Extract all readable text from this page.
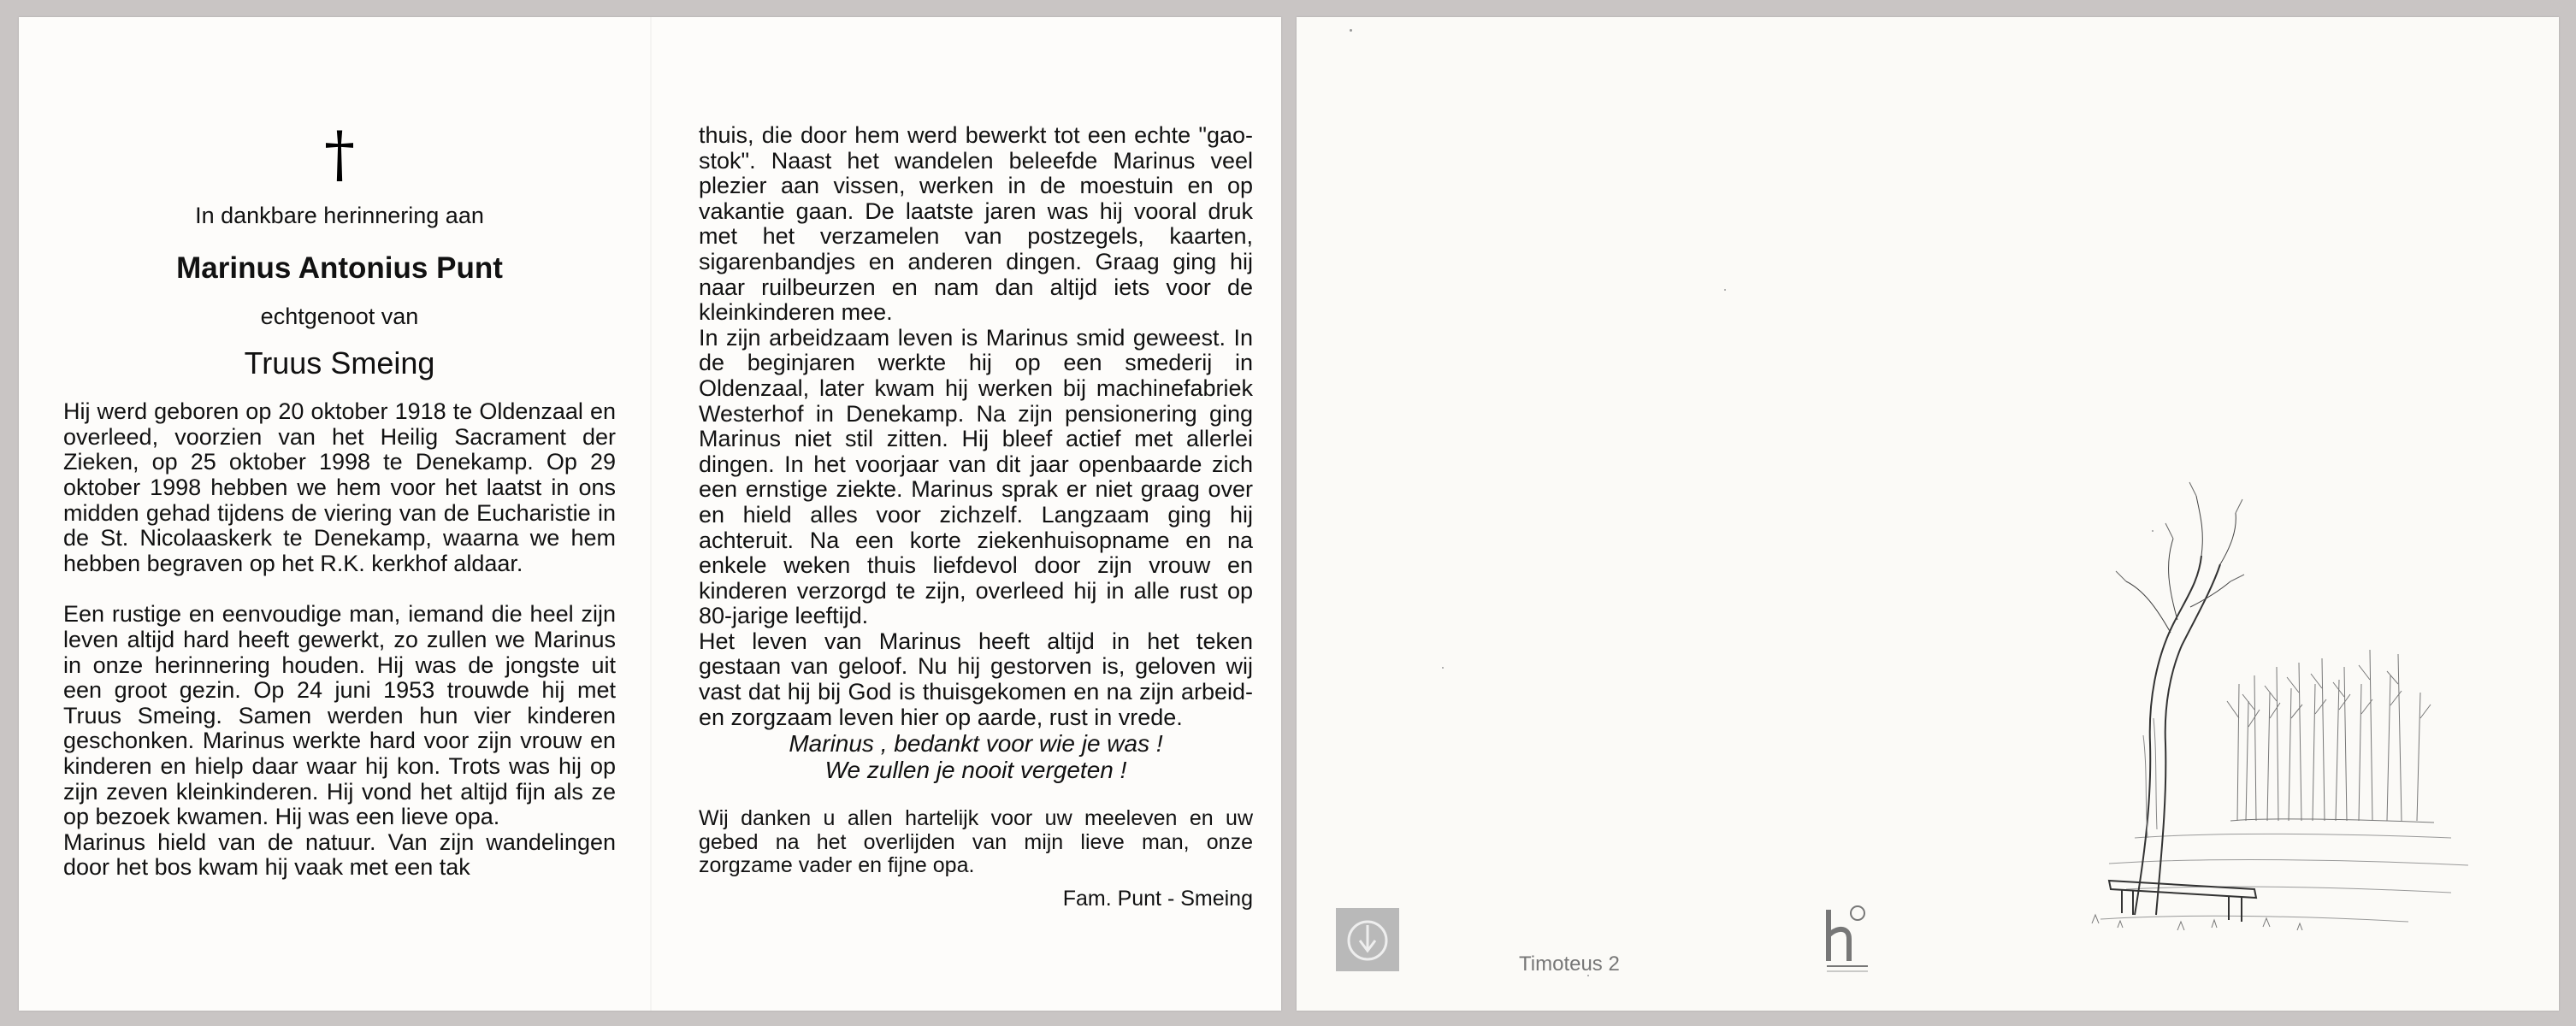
†
In dankbare herinnering aan
Marinus Antonius Punt
echtgenoot van
Truus Smeing

Hij werd geboren op 20 oktober 1918 te Oldenzaal en overleed, voorzien van het Heilig Sacrament der Zieken, op 25 oktober 1998 te Denekamp. Op 29 oktober 1998 hebben we hem voor het laatst in ons midden gehad tijdens de viering van de Eucharistie in de St. Nicolaaskerk te Denekamp, waarna we hem hebben begraven op het R.K. kerkhof aldaar.

Een rustige en eenvoudige man, iemand die heel zijn leven altijd hard heeft gewerkt, zo zullen we Marinus in onze herinnering houden. Hij was de jongste uit een groot gezin. Op 24 juni 1953 trouwde hij met Truus Smeing. Samen werden hun vier kinderen geschonken. Marinus werkte hard voor zijn vrouw en kinderen en hielp daar waar hij kon. Trots was hij op zijn zeven kleinkinderen. Hij vond het altijd fijn als ze op bezoek kwamen. Hij was een lieve opa.

Marinus hield van de natuur. Van zijn wandelingen door het bos kwam hij vaak met een tak

thuis, die door hem werd bewerkt tot een echte "gao-stok". Naast het wandelen beleefde Marinus veel plezier aan vissen, werken in de moestuin en op vakantie gaan. De laatste jaren was hij vooral druk met het verzamelen van postzegels, kaarten, sigarenbandjes en anderen dingen. Graag ging hij naar ruilbeurzen en nam dan altijd iets voor de kleinkinderen mee.

In zijn arbeidzaam leven is Marinus smid geweest. In de beginjaren werkte hij op een smederij in Oldenzaal, later kwam hij werken bij machinefabriek Westerhof in Denekamp. Na zijn pensionering ging Marinus niet stil zitten. Hij bleef actief met allerlei dingen. In het voorjaar van dit jaar openbaarde zich een ernstige ziekte. Marinus sprak er niet graag over en hield alles voor zichzelf. Langzaam ging hij achteruit. Na een korte ziekenhuisopname en na enkele weken thuis liefdevol door zijn vrouw en kinderen verzorgd te zijn, overleed hij in alle rust op 80-jarige leeftijd.

Het leven van Marinus heeft altijd in het teken gestaan van geloof. Nu hij gestorven is, geloven wij vast dat hij bij God is thuisgekomen en na zijn arbeid- en zorgzaam leven hier op aarde, rust in vrede.

Marinus , bedankt voor wie je was !
We zullen je nooit vergeten !

Wij danken u allen hartelijk voor uw meeleven en uw gebed na het overlijden van mijn lieve man, onze zorgzame vader en fijne opa.

Fam. Punt - Smeing
Timoteus 2
